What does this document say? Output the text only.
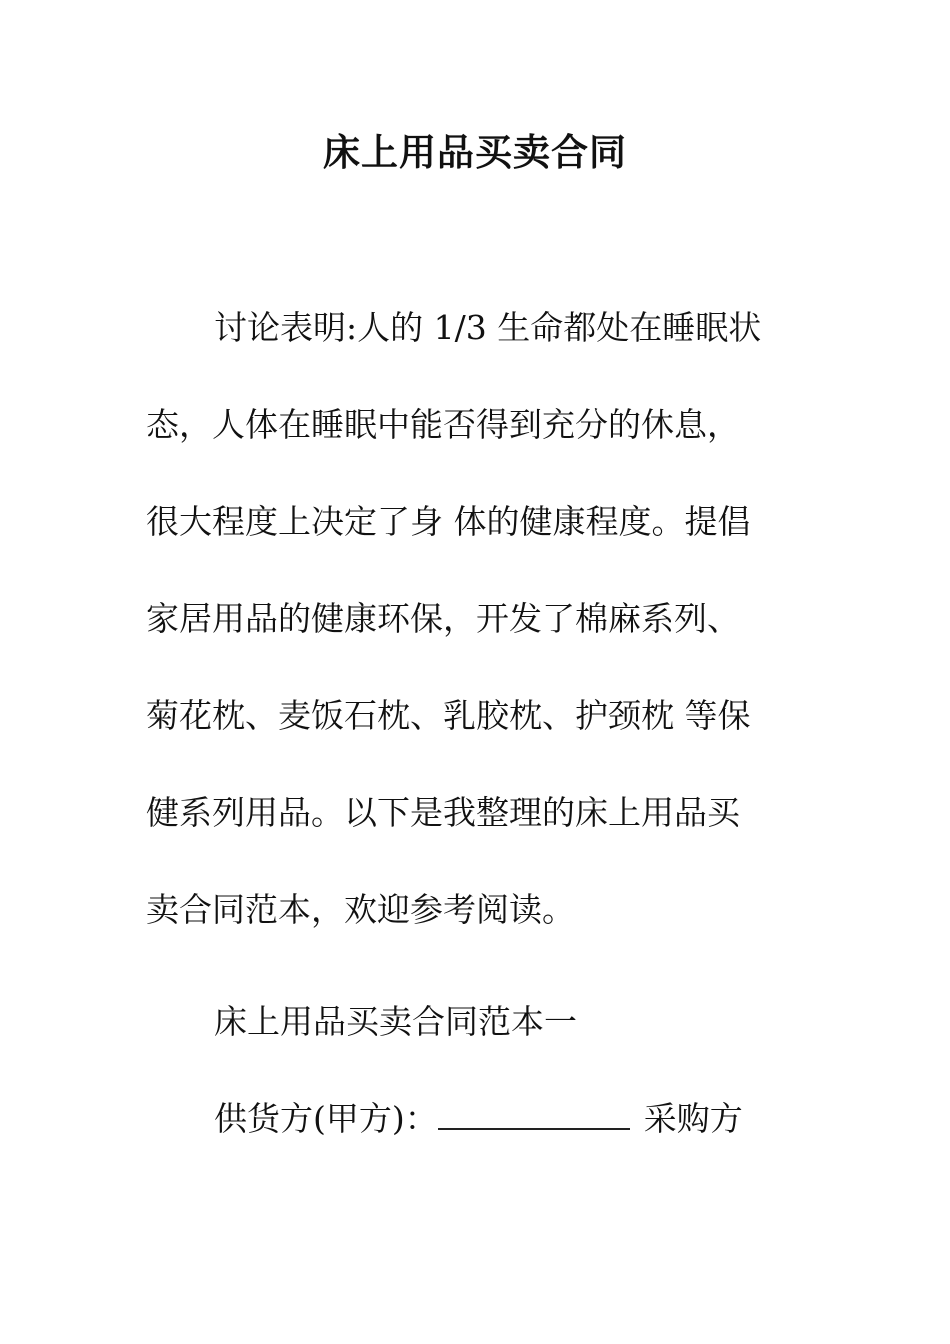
床上用品买卖合同
讨论表明:人的 1/3 生命都处在睡眠状
态，人体在睡眠中能否得到充分的休息，
很大程度上决定了身 体的健康程度。提倡
家居用品的健康环保，开发了棉麻系列、
菊花枕、麦饭石枕、乳胶枕、护颈枕 等保
健系列用品。以下是我整理的床上用品买
卖合同范本，欢迎参考阅读。
床上用品买卖合同范本一
供货方(甲方)：	采购方
